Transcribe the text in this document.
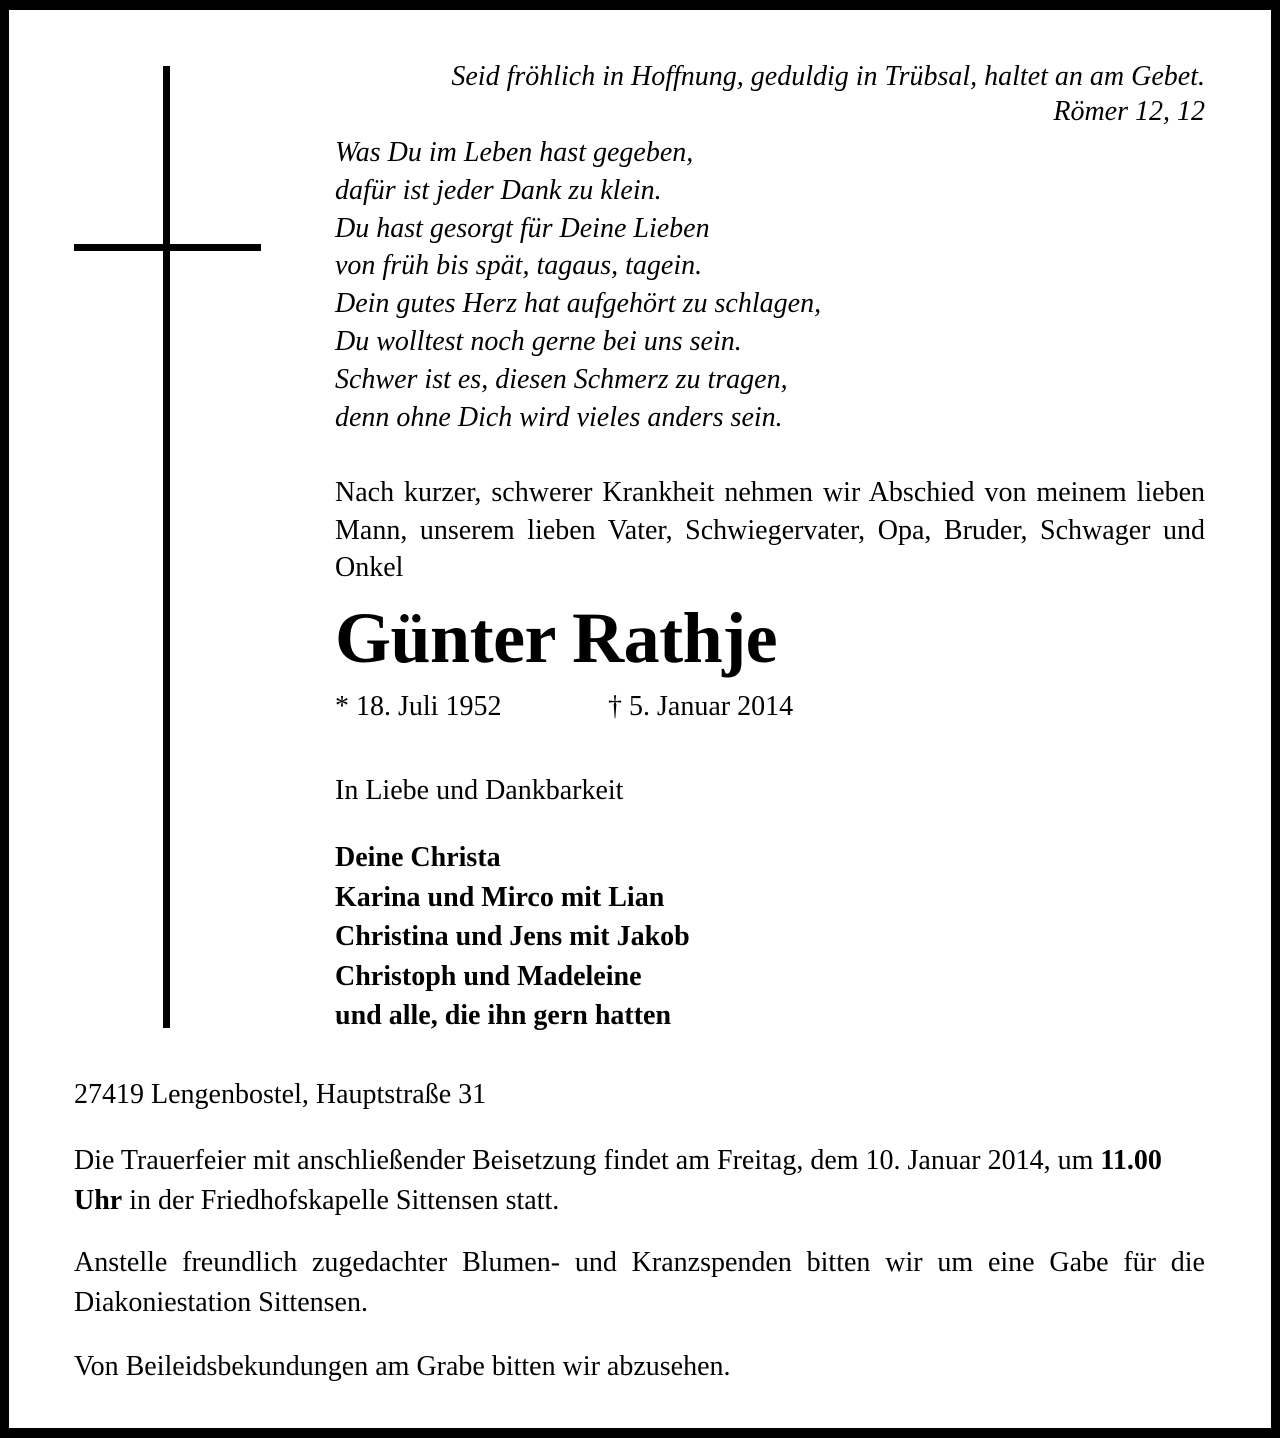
Seid fröhlich in Hoffnung, geduldig in Trübsal, haltet an am Gebet.
Römer 12, 12
Was Du im Leben hast gegeben,
dafür ist jeder Dank zu klein.
Du hast gesorgt für Deine Lieben
von früh bis spät, tagaus, tagein.
Dein gutes Herz hat aufgehört zu schlagen,
Du wolltest noch gerne bei uns sein.
Schwer ist es, diesen Schmerz zu tragen,
denn ohne Dich wird vieles anders sein.
Nach kurzer, schwerer Krankheit nehmen wir Abschied von meinem lieben Mann, unserem lieben Vater, Schwiegervater, Opa, Bruder, Schwager und Onkel
Günter Rathje
* 18. Juli 1952	† 5. Januar 2014
In Liebe und Dankbarkeit
Deine Christa
Karina und Mirco mit Lian
Christina und Jens mit Jakob
Christoph und Madeleine
und alle, die ihn gern hatten
27419 Lengenbostel, Hauptstraße 31
Die Trauerfeier mit anschließender Beisetzung findet am Freitag, dem 10. Januar 2014, um 11.00 Uhr in der Friedhofskapelle Sittensen statt.
Anstelle freundlich zugedachter Blumen- und Kranzspenden bitten wir um eine Gabe für die Diakoniestation Sittensen.
Von Beileidsbekundungen am Grabe bitten wir abzusehen.
